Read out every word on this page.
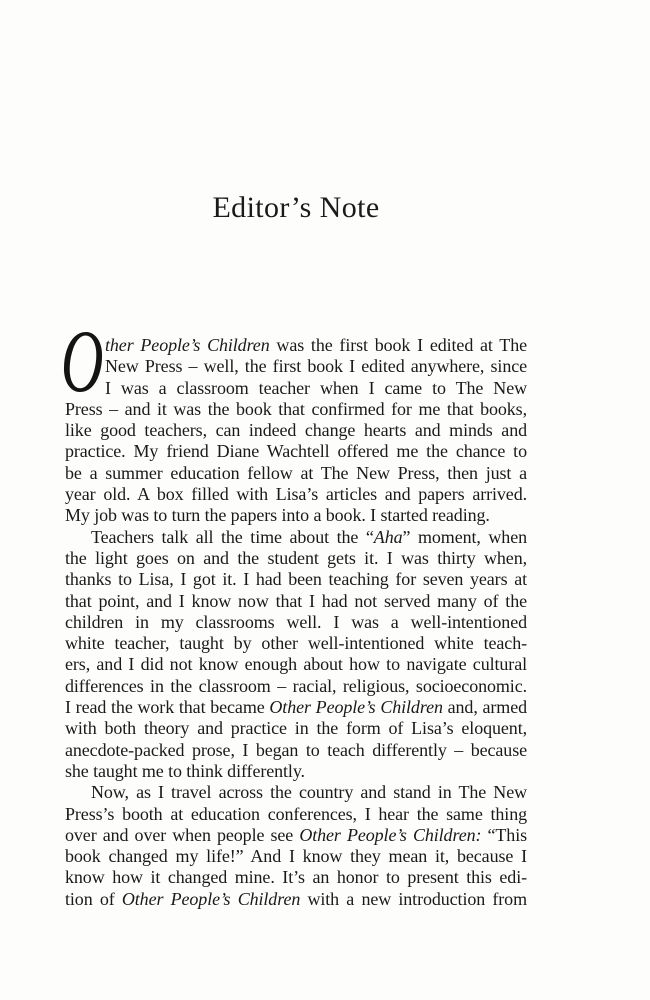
Editor’s Note
O ther People’s Children was the first book I edited at The
New Press – well, the first book I edited anywhere, since
I was a classroom teacher when I came to The New
Press – and it was the book that confirmed for me that books,
like good teachers, can indeed change hearts and minds and
practice. My friend Diane Wachtell offered me the chance to
be a summer education fellow at The New Press, then just a
year old. A box filled with Lisa’s articles and papers arrived.
My job was to turn the papers into a book. I started reading.
Teachers talk all the time about the “Aha” moment, when
the light goes on and the student gets it. I was thirty when,
thanks to Lisa, I got it. I had been teaching for seven years at
that point, and I know now that I had not served many of the
children in my classrooms well. I was a well-intentioned
white teacher, taught by other well-intentioned white teach-
ers, and I did not know enough about how to navigate cultural
differences in the classroom – racial, religious, socioeconomic.
I read the work that became Other People’s Children and, armed
with both theory and practice in the form of Lisa’s eloquent,
anecdote-packed prose, I began to teach differently – because
she taught me to think differently.
Now, as I travel across the country and stand in The New
Press’s booth at education conferences, I hear the same thing
over and over when people see Other People’s Children: “This
book changed my life!” And I know they mean it, because I
know how it changed mine. It’s an honor to present this edi-
tion of Other People’s Children with a new introduction from
